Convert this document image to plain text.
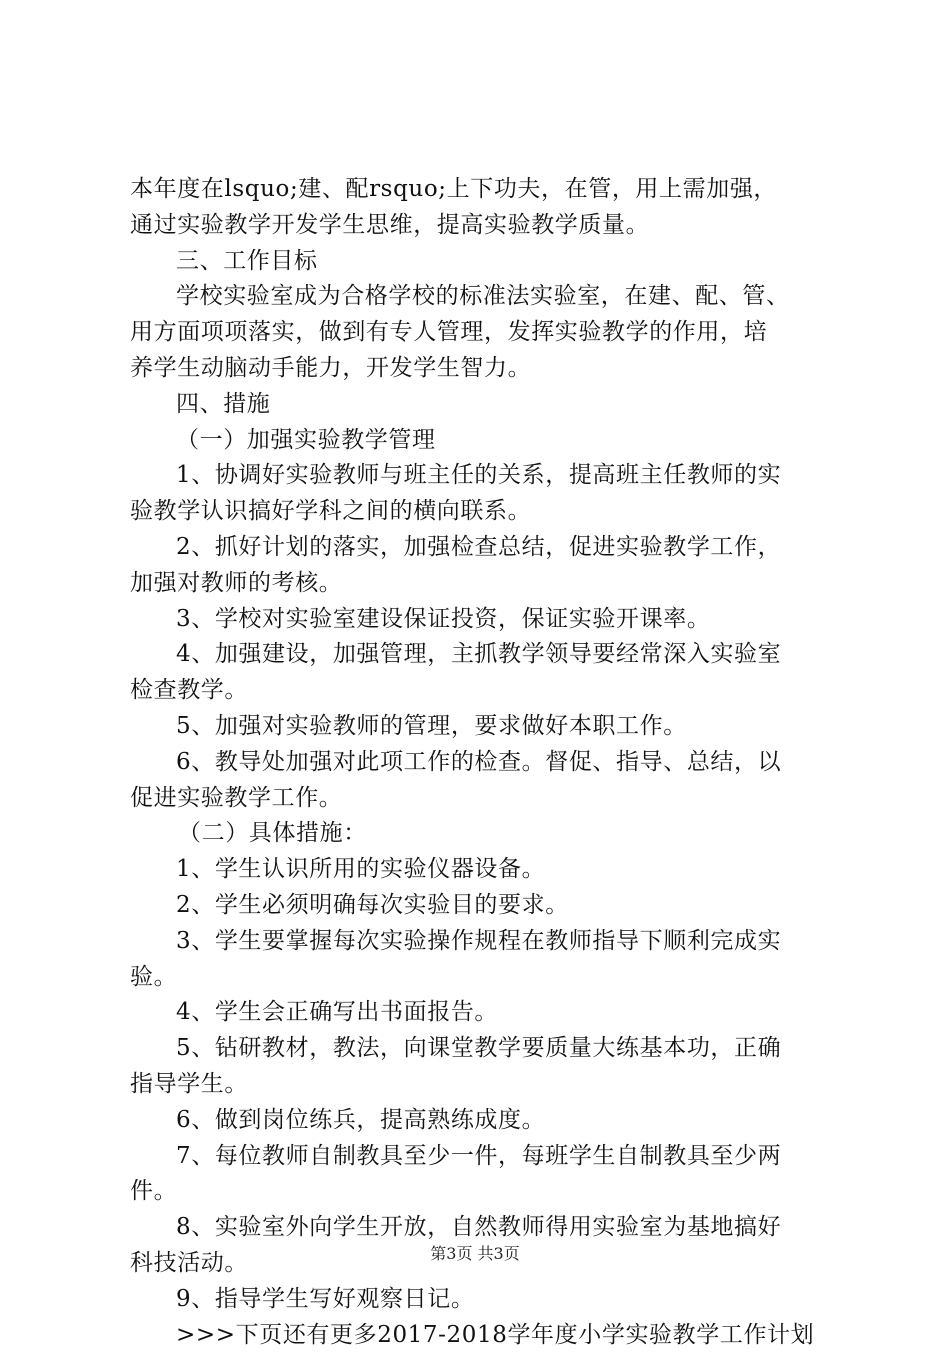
本年度在lsquo;建、配rsquo;上下功夫，在管，用上需加强，
通过实验教学开发学生思维，提高实验教学质量。
三、工作目标
学校实验室成为合格学校的标准法实验室，在建、配、管、
用方面项项落实，做到有专人管理，发挥实验教学的作用，培
养学生动脑动手能力，开发学生智力。
四、措施
（一）加强实验教学管理
1、协调好实验教师与班主任的关系，提高班主任教师的实
验教学认识搞好学科之间的横向联系。
2、抓好计划的落实，加强检查总结，促进实验教学工作，
加强对教师的考核。
3、学校对实验室建设保证投资，保证实验开课率。
4、加强建设，加强管理，主抓教学领导要经常深入实验室
检查教学。
5、加强对实验教师的管理，要求做好本职工作。
6、教导处加强对此项工作的检查。督促、指导、总结，以
促进实验教学工作。
（二）具体措施：
1、学生认识所用的实验仪器设备。
2、学生必须明确每次实验目的要求。
3、学生要掌握每次实验操作规程在教师指导下顺利完成实
验。
4、学生会正确写出书面报告。
5、钻研教材，教法，向课堂教学要质量大练基本功，正确
指导学生。
6、做到岗位练兵，提高熟练成度。
7、每位教师自制教具至少一件，每班学生自制教具至少两
件。
8、实验室外向学生开放，自然教师得用实验室为基地搞好
科技活动。
9、指导学生写好观察日记。
>>>下页还有更多2017-2018学年度小学实验教学工作计划
第3页 共3页
